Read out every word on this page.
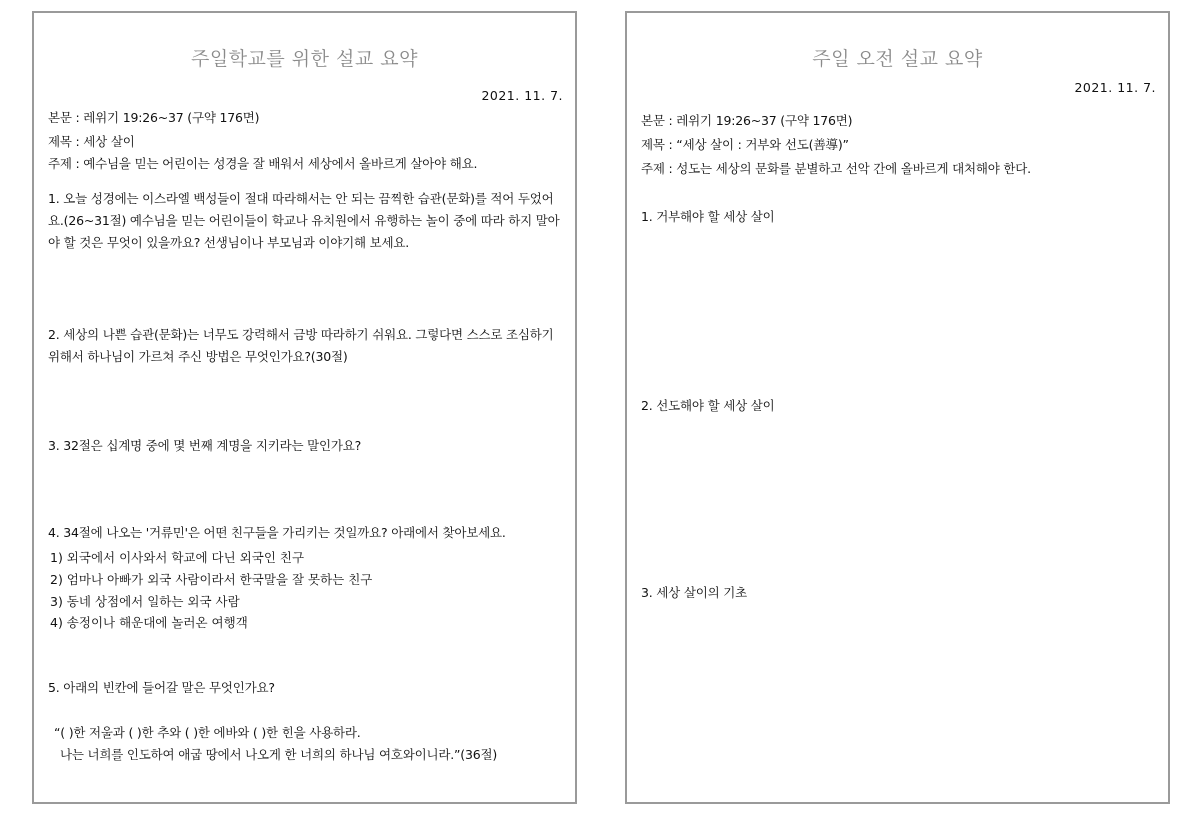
주일학교를 위한 설교 요약
2021. 11. 7.
본문 : 레위기 19:26~37 (구약 176면)
제목 : 세상 살이
주제 : 예수님을 믿는 어린이는 성경을 잘 배워서 세상에서 올바르게 살아야 해요.
1. 오늘 성경에는 이스라엘 백성들이 절대 따라해서는 안 되는 끔찍한 습관(문화)를 적어 두었어요.(26~31절) 예수님을 믿는 어린이들이 학교나 유치원에서 유행하는 놀이 중에 따라 하지 말아야 할 것은 무엇이 있을까요? 선생님이나 부모님과 이야기해 보세요.
2. 세상의 나쁜 습관(문화)는 너무도 강력해서 금방 따라하기 쉬워요. 그렇다면 스스로 조심하기 위해서 하나님이 가르쳐 주신 방법은 무엇인가요?(30절)
3. 32절은 십계명 중에 몇 번째 계명을 지키라는 말인가요?
4. 34절에 나오는 '거류민'은 어떤 친구들을 가리키는 것일까요? 아래에서 찾아보세요.
1) 외국에서 이사와서 학교에 다닌 외국인 친구
2) 엄마나 아빠가 외국 사람이라서 한국말을 잘 못하는 친구
3) 동네 상점에서 일하는 외국 사람
4) 송정이나 해운대에 놀러온 여행객
5. 아래의 빈칸에 들어갈 말은 무엇인가요?
“( )한 저울과 ( )한 추와 ( )한 에바와 ( )한 힌을 사용하라.
나는 너희를 인도하여 애굽 땅에서 나오게 한 너희의 하나님 여호와이니라.”(36절)
주일 오전 설교 요약
2021. 11. 7.
본문 : 레위기 19:26~37 (구약 176면)
제목 : “세상 살이 : 거부와 선도(善導)”
주제 : 성도는 세상의 문화를 분별하고 선악 간에 올바르게 대처해야 한다.
1. 거부해야 할 세상 살이
2. 선도해야 할 세상 살이
3. 세상 살이의 기초
